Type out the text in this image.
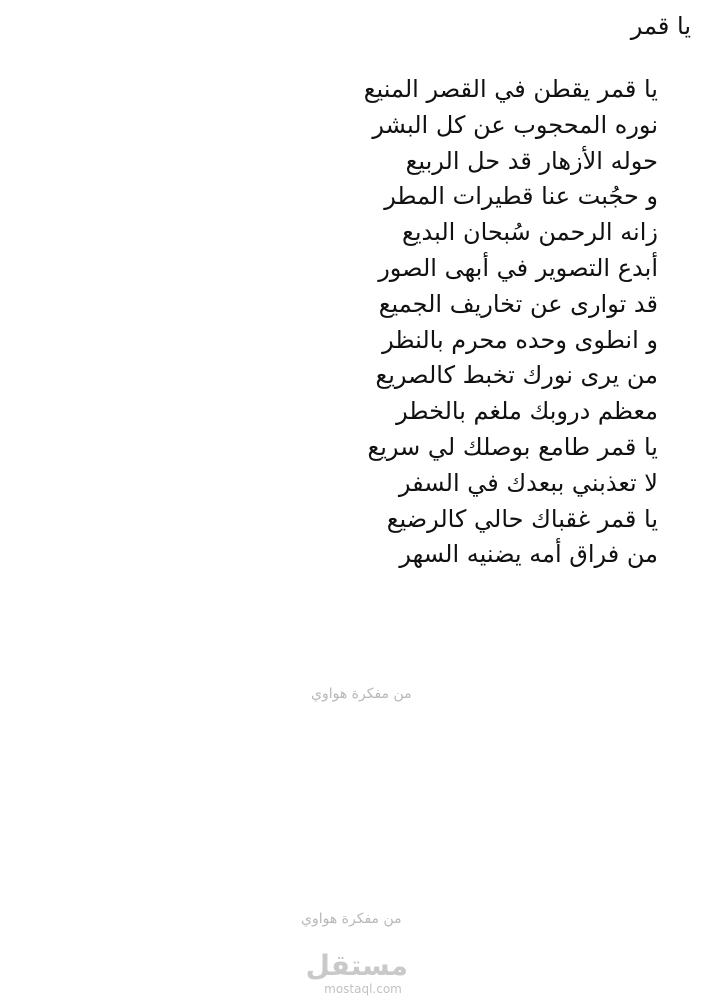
يا قمر
يا قمر يقطن في القصر المنيع
نوره المحجوب عن كل البشر
حوله الأزهار قد حل الربيع
و حجُبت عنا قطيرات المطر
زانه الرحمن سُبحان البديع
أبدع التصوير في أبهى الصور
قد توارى عن تخاريف الجميع
و انطوى وحده محرم بالنظر
من يرى نورك تخبط كالصريع
معظم دروبك ملغم بالخطر
يا قمر طامع بوصلك لي سريع
لا تعذبني ببعدك في السفر
يا قمر غقباك حالي كالرضيع
من فراق أمه يضنيه السهر
من مفكرة هواوي
من مفكرة هواوي
مستقل
mostaql.com
